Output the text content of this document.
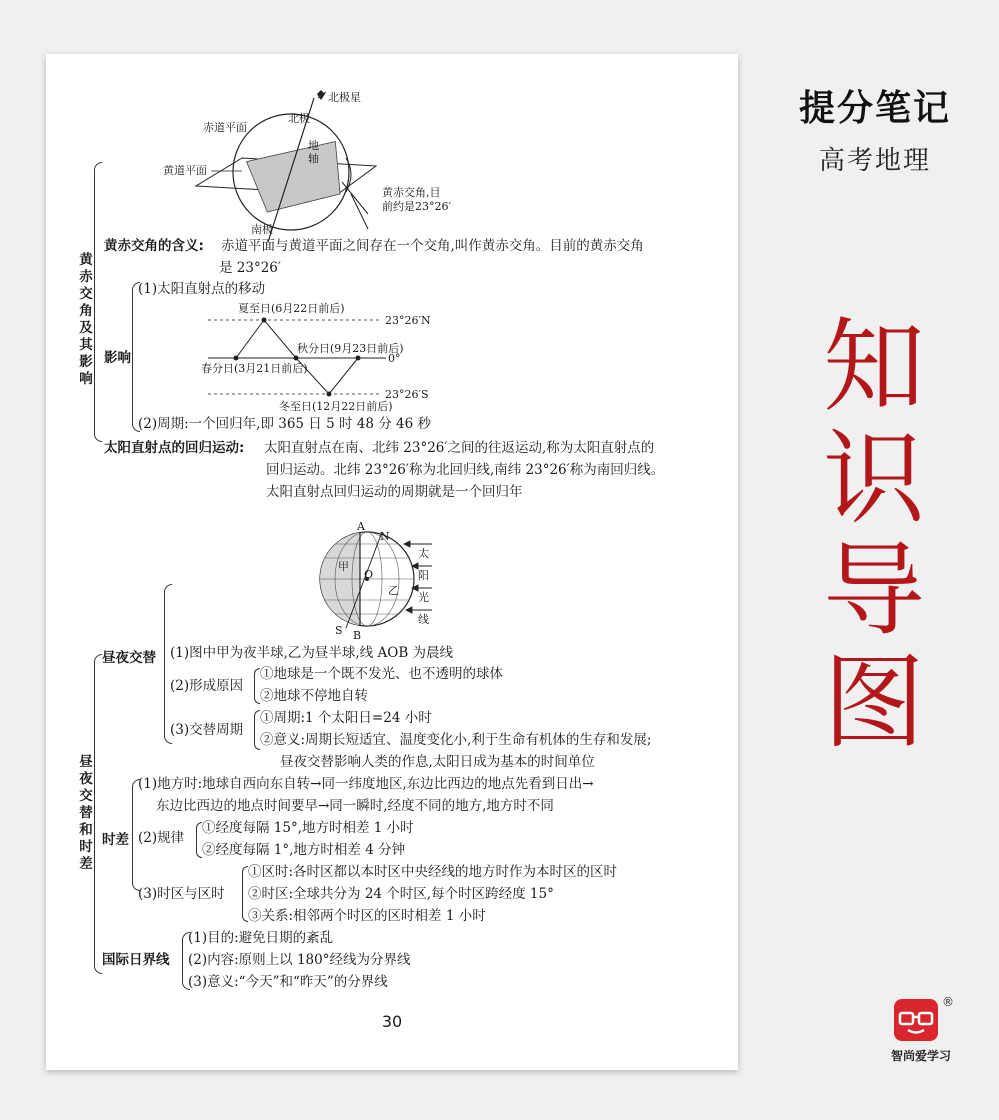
提分笔记
高考地理
知
识
导
图
®
智尚爱学习
北极星
北极
赤道平面
黄道平面
地轴
南极
黄赤交角,目
前约是23°26′
黄赤交角及其影响
黄赤交角的含义: 赤道平面与黄道平面之间存在一个交角,叫作黄赤交角。目前的黄赤交角
是 23°26′
影响
(1)太阳直射点的移动
夏至日(6月22日前后)
23°26′N
秋分日(9月23日前后)
春分日(3月21日前后)
0°
23°26′S
冬至日(12月22日前后)
(2)周期:一个回归年,即 365 日 5 时 48 分 46 秒
太阳直射点的回归运动: 太阳直射点在南、北纬 23°26′之间的往返运动,称为太阳直射点的
回归运动。北纬 23°26′称为北回归线,南纬 23°26′称为南回归线。
太阳直射点回归运动的周期就是一个回归年
A
N
甲
O
乙
S B
太
阳
光
线
昼夜交替和时差
昼夜交替 (1)图中甲为夜半球,乙为昼半球,线 AOB 为晨线
(2)形成原因
①地球是一个既不发光、也不透明的球体
②地球不停地自转
(3)交替周期
①周期:1 个太阳日=24 小时
②意义:周期长短适宜、温度变化小,利于生命有机体的生存和发展;
昼夜交替影响人类的作息,太阳日成为基本的时间单位
时差
(1)地方时:地球自西向东自转→同一纬度地区,东边比西边的地点先看到日出→
东边比西边的地点时间要早→同一瞬时,经度不同的地方,地方时不同
(2)规律
①经度每隔 15°,地方时相差 1 小时
②经度每隔 1°,地方时相差 4 分钟
(3)时区与区时
①区时:各时区都以本时区中央经线的地方时作为本时区的区时
②时区:全球共分为 24 个时区,每个时区跨经度 15°
③关系:相邻两个时区的区时相差 1 小时
国际日界线
(1)目的:避免日期的紊乱
(2)内容:原则上以 180°经线为分界线
(3)意义:“今天”和“昨天”的分界线
30
